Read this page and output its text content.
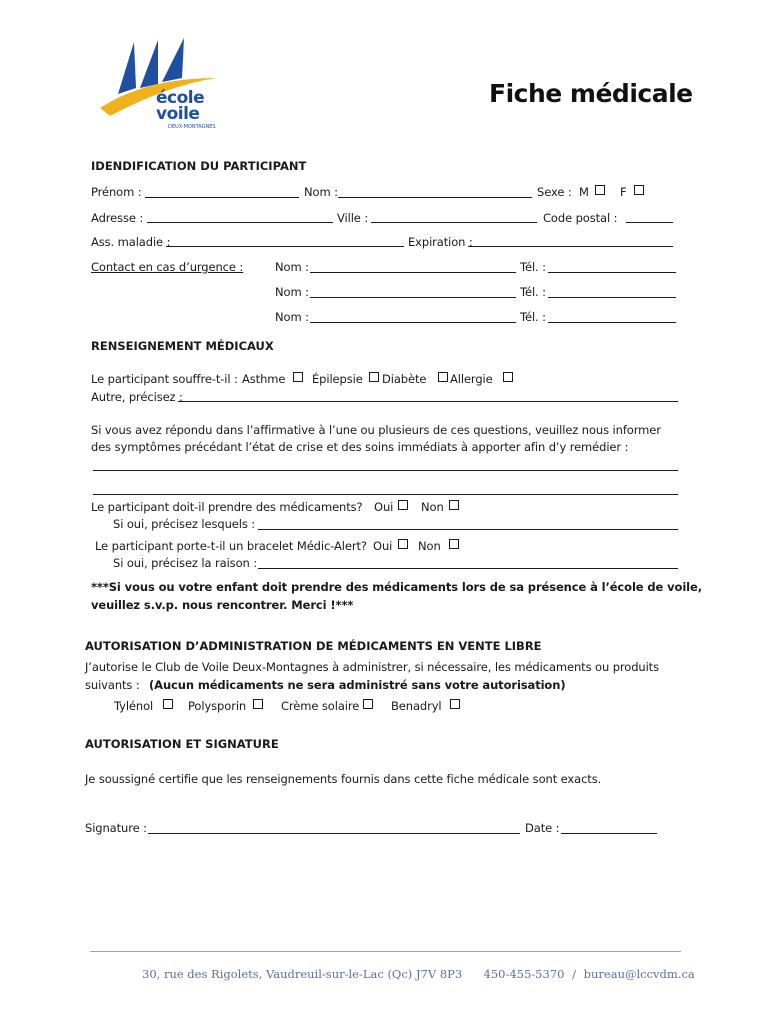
école
voile
DEUX-MONTAGNES
Fiche médicale
IDENDIFICATION DU PARTICIPANT
Prénom :	Nom :	Sexe : M	F
Adresse :	Ville :	Code postal :
Ass. maladie :	Expiration :
Contact en cas d’urgence :	Nom :	Tél. :
Nom :	Tél. :
Nom :	Tél. :
RENSEIGNEMENT MÉDICAUX
Le participant souffre-t-il : Asthme Épilepsie Diabète Allergie
Autre, précisez :
Si vous avez répondu dans l’affirmative à l’une ou plusieurs de ces questions, veuillez nous informer
des symptômes précédant l’état de crise et des soins immédiats à apporter afin d’y remédier :
Le participant doit-il prendre des médicaments? Oui Non
Si oui, précisez lesquels :
Le participant porte-t-il un bracelet Médic-Alert? Oui Non
Si oui, précisez la raison :
***Si vous ou votre enfant doit prendre des médicaments lors de sa présence à l’école de voile,
veuillez s.v.p. nous rencontrer. Merci !***
AUTORISATION D’ADMINISTRATION DE MÉDICAMENTS EN VENTE LIBRE
J’autorise le Club de Voile Deux-Montagnes à administrer, si nécessaire, les médicaments ou produits
suivants : (Aucun médicaments ne sera administré sans votre autorisation)
Tylénol	Polysporin	Crème solaire	Benadryl
AUTORISATION ET SIGNATURE
Je soussigné certifie que les renseignements fournis dans cette fiche médicale sont exacts.
Signature :	Date :
30, rue des Rigolets, Vaudreuil-sur-le-Lac (Qc) J7V 8P3 450-455-5370 / bureau@lccvdm.ca
